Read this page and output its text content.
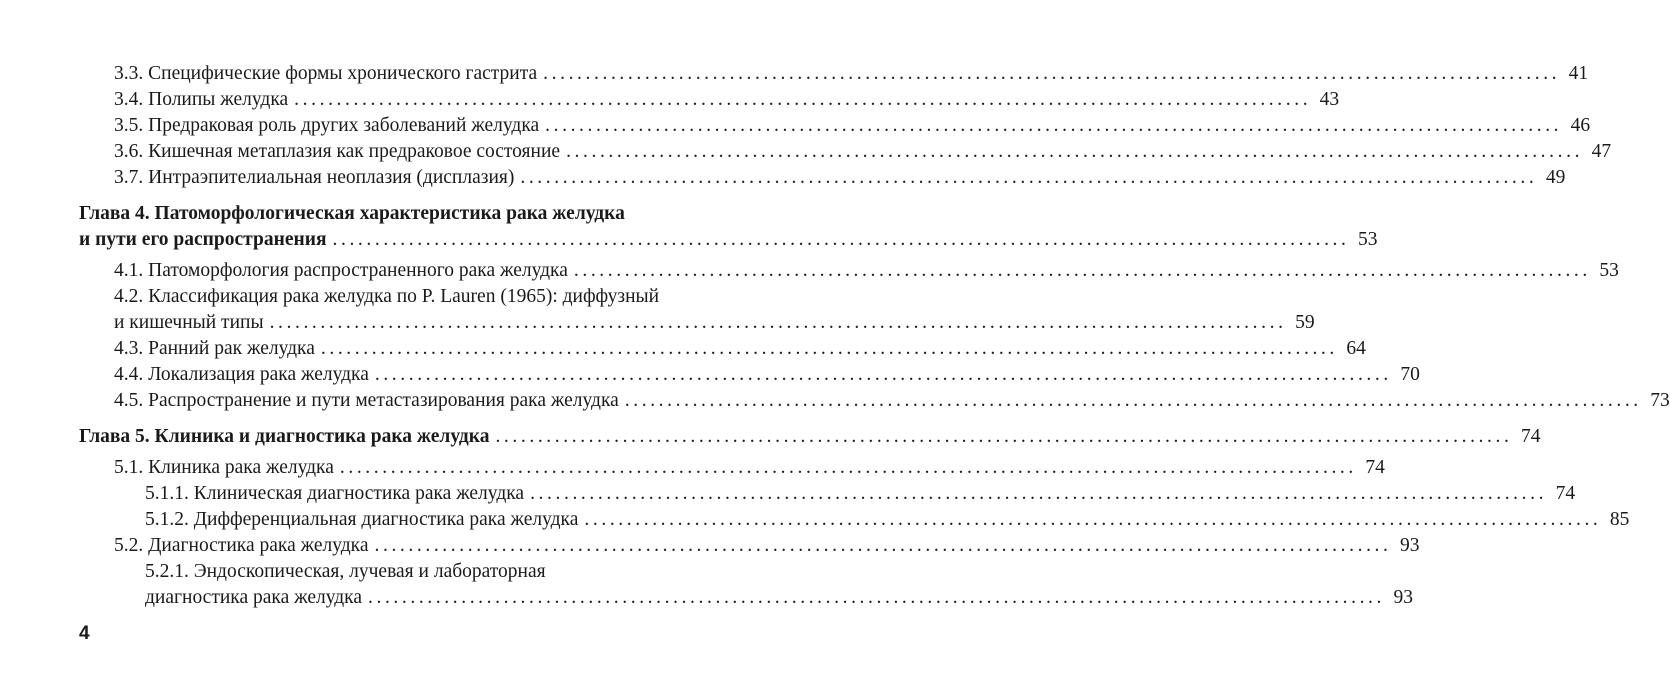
3.3. Специфические формы хронического гастрита ........................................................................................................................ 41
3.4. Полипы желудка ........................................................................................................................ 43
3.5. Предраковая роль других заболеваний желудка ........................................................................................................................ 46
3.6. Кишечная метаплазия как предраковое состояние ........................................................................................................................ 47
3.7. Интраэпителиальная неоплазия (дисплазия) ........................................................................................................................ 49
Глава 4. Патоморфологическая характеристика рака желудка
и пути его распространения ........................................................................................................................ 53
4.1. Патоморфология распространенного рака желудка ........................................................................................................................ 53
4.2. Классификация рака желудка по P. Lauren (1965): диффузный
и кишечный типы ........................................................................................................................ 59
4.3. Ранний рак желудка ........................................................................................................................ 64
4.4. Локализация рака желудка ........................................................................................................................ 70
4.5. Распространение и пути метастазирования рака желудка ........................................................................................................................ 73
Глава 5. Клиника и диагностика рака желудка ........................................................................................................................ 74
5.1. Клиника рака желудка ........................................................................................................................ 74
5.1.1. Клиническая диагностика рака желудка ........................................................................................................................ 74
5.1.2. Дифференциальная диагностика рака желудка ........................................................................................................................ 85
5.2. Диагностика рака желудка ........................................................................................................................ 93
5.2.1. Эндоскопическая, лучевая и лабораторная
диагностика рака желудка ........................................................................................................................ 93
4
